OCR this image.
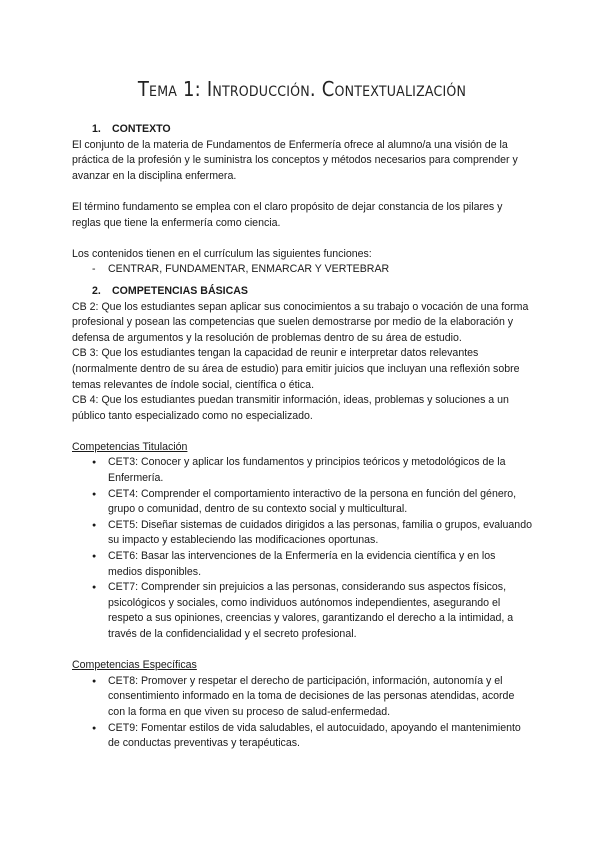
Tema 1: Introducción. Contextualización
1. CONTEXTO

El conjunto de la materia de Fundamentos de Enfermería ofrece al alumno/a una visión de la práctica de la profesión y le suministra los conceptos y métodos necesarios para comprender y avanzar en la disciplina enfermera.

El término fundamento se emplea con el claro propósito de dejar constancia de los pilares y reglas que tiene la enfermería como ciencia.

Los contenidos tienen en el currículum las siguientes funciones:

- CENTRAR, FUNDAMENTAR, ENMARCAR Y VERTEBRAR
2. COMPETENCIAS BÁSICAS

CB 2: Que los estudiantes sepan aplicar sus conocimientos a su trabajo o vocación de una forma profesional y posean las competencias que suelen demostrarse por medio de la elaboración y defensa de argumentos y la resolución de problemas dentro de su área de estudio.

CB 3: Que los estudiantes tengan la capacidad de reunir e interpretar datos relevantes (normalmente dentro de su área de estudio) para emitir juicios que incluyan una reflexión sobre temas relevantes de índole social, científica o ética.

CB 4: Que los estudiantes puedan transmitir información, ideas, problemas y soluciones a un público tanto especializado como no especializado.

Competencias Titulación

● CET3: Conocer y aplicar los fundamentos y principios teóricos y metodológicos de la Enfermería.
● CET4: Comprender el comportamiento interactivo de la persona en función del género, grupo o comunidad, dentro de su contexto social y multicultural.
● CET5: Diseñar sistemas de cuidados dirigidos a las personas, familia o grupos, evaluando su impacto y estableciendo las modificaciones oportunas.
● CET6: Basar las intervenciones de la Enfermería en la evidencia científica y en los medios disponibles.
● CET7: Comprender sin prejuicios a las personas, considerando sus aspectos físicos, psicológicos y sociales, como individuos autónomos independientes, asegurando el respeto a sus opiniones, creencias y valores, garantizando el derecho a la intimidad, a través de la confidencialidad y el secreto profesional.

Competencias Específicas

● CET8: Promover y respetar el derecho de participación, información, autonomía y el consentimiento informado en la toma de decisiones de las personas atendidas, acorde con la forma en que viven su proceso de salud-enfermedad.
● CET9: Fomentar estilos de vida saludables, el autocuidado, apoyando el mantenimiento de conductas preventivas y terapéuticas.
